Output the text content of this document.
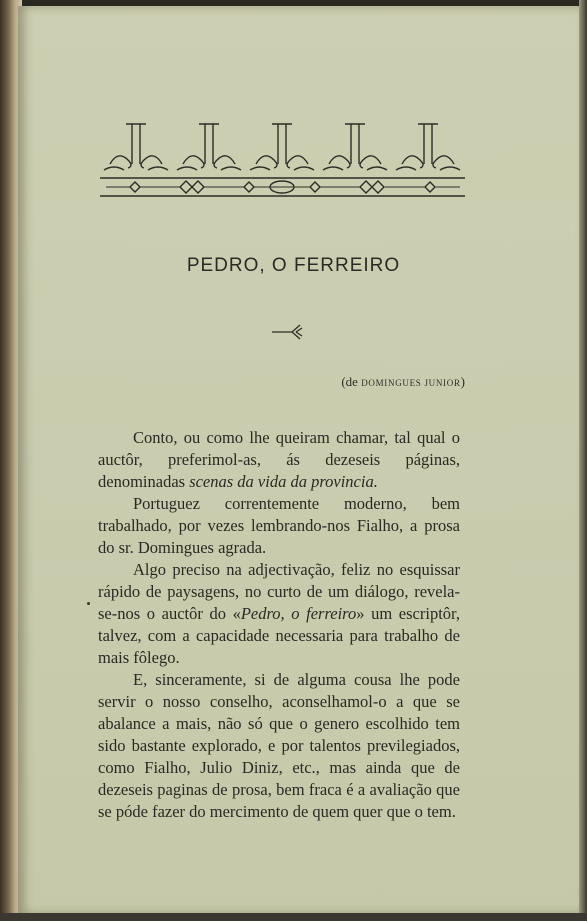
PEDRO, O FERREIRO
(de DOMINGUES JUNIOR)

Conto, ou como lhe queiram chamar, tal qual o auctôr, preferimol-as, ás dezeseis páginas, denominadas scenas da vida da provincia.

Portuguez correntemente moderno, bem trabalhado, por vezes lembrando-nos Fialho, a prosa do sr. Domingues agrada.

Algo preciso na adjectivação, feliz no esquissar rápido de paysagens, no curto de um diálogo, revela-se-nos o auctôr do «Pedro, o ferreiro» um escriptôr, talvez, com a capacidade necessaria para trabalho de mais fôlego.

E, sinceramente, si de alguma cousa lhe pode servir o nosso conselho, aconselhamol-o a que se abalance a mais, não só que o genero escolhido tem sido bastante explorado, e por talentos previlegiados, como Fialho, Julio Diniz, etc., mas ainda que de dezeseis paginas de prosa, bem fraca é a avaliação que se póde fazer do mercimento de quem quer que o tem.
